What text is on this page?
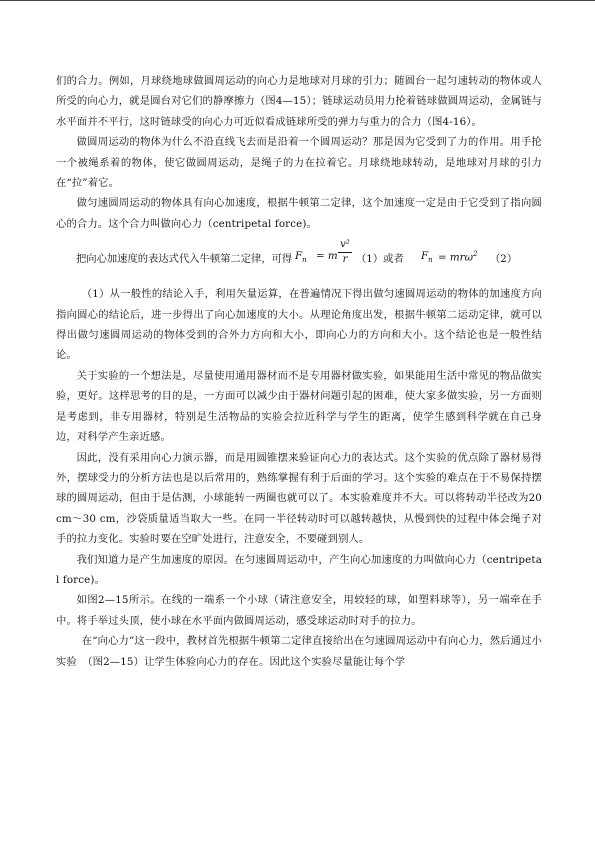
们的合力。例如，月球绕地球做圆周运动的向心力是地球对月球的引力；随圆台一起匀速转动的物体或人所受的向心力，就是圆台对它们的静摩擦力（图4—15）；链球运动员用力抡着链球做圆周运动，金属链与水平面并不平行，这时链球受的向心力可近似看成链球所受的弹力与重力的合力（图4-16）。

做圆周运动的物体为什么不沿直线飞去而是沿着一个圆周运动？那是因为它受到了力的作用。用手抡一个被绳系着的物体，使它做圆周运动，是绳子的力在拉着它。月球绕地球转动，是地球对月球的引力在“拉”着它。

做匀速圆周运动的物体具有向心加速度，根据牛顿第二定律，这个加速度一定是由于它受到了指向圆心的合力。这个合力叫做向心力（centripetal force)。

把向心加速度的表达式代入牛顿第二定律，可得 $F_n = m$
v²
r （1）或者 $F_n = mr\omega^2$ （2）

（1）从一般性的结论入手，利用矢量运算，在普遍情况下得出做匀速圆周运动的物体的加速度方向指向圆心的结论后，进一步得出了向心加速度的大小。从理论角度出发，根据牛顿第二运动定律，就可以得出做匀速圆周运动的物体受到的合外力方向和大小，即向心力的方向和大小。这个结论也是一般性结论。

关于实验的一个想法是，尽量使用通用器材而不是专用器材做实验，如果能用生活中常见的物品做实验，更好。这样思考的目的是，一方面可以减少由于器材问题引起的困难，使大家多做实验，另一方面则是考虑到，非专用器材，特别是生活物品的实验会拉近科学与学生的距离，使学生感到科学就在自己身边，对科学产生亲近感。

因此，没有采用向心力演示器，而是用圆锥摆来验证向心力的表达式。这个实验的优点除了器材易得外，摆球受力的分析方法也是以后常用的，熟练掌握有利于后面的学习。这个实验的难点在于不易保持摆球的圆周运动，但由于是估测，小球能转一两圈也就可以了。本实验难度并不大。可以将转动半径改为20 cm～30 cm，沙袋质量适当取大一些。在同一半径转动时可以越转越快，从慢到快的过程中体会绳子对手的拉力变化。实验时要在空旷处进行，注意安全，不要碰到别人。

我们知道力是产生加速度的原因。在匀速圆周运动中，产生向心加速度的力叫做向心力（centripetal force)。

如图2—15所示。在线的一端系一个小球（请注意安全，用较轻的球，如塑料球等），另一端牵在手中。将手举过头顶，使小球在水平面内做圆周运动，感受球运动时对手的拉力。

在“向心力”这一段中，教材首先根据牛顿第二定律直接给出在匀速圆周运动中有向心力，然后通过小实验　（图2—15）让学生体验向心力的存在。因此这个实验尽量能让每个学
